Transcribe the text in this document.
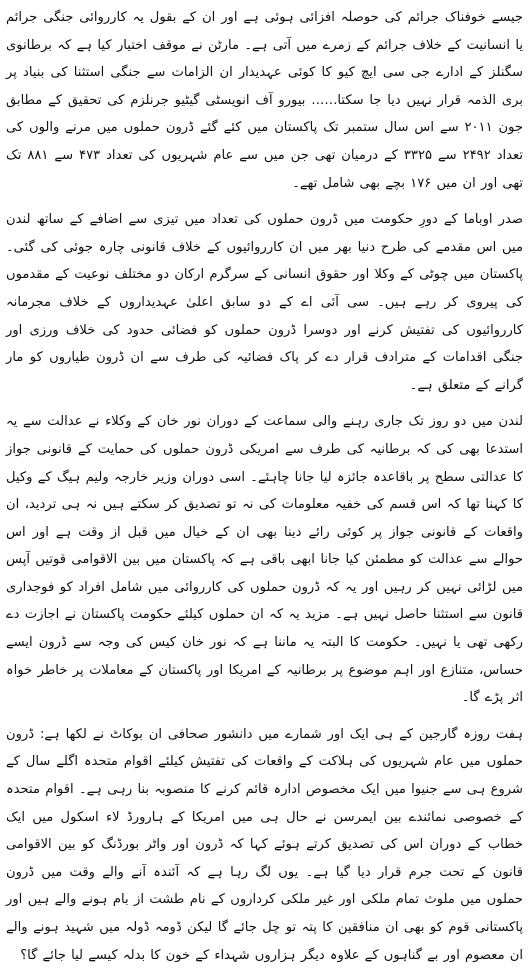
جیسے خوفناک جرائم کی حوصلہ افزائی ہوئی ہے اور ان کے بقول یہ کارروائی جنگی جرائم یا انسانیت کے خلاف جرائم کے زمرے میں آتی ہے۔ مارٹن نے موقف اختیار کیا ہے کہ برطانوی سگنلز کے ادارے جی سی ایچ کیو کا کوئی عہدیدار ان الزامات سے جنگی استثنا کی بنیاد پر بری الذمہ قرار نہیں دیا جا سکتا…… بیورو آف انویسٹی گیٹیو جرنلزم کی تحقیق کے مطابق جون ۲۰۱۱ سے اس سال ستمبر تک پاکستان میں کئے گئے ڈرون حملوں میں مرنے والوں کی تعداد ۲۴۹۲ سے ۳۳۲۵ کے درمیان تھی جن میں سے عام شہریوں کی تعداد ۴۷۳ سے ۸۸۱ تک تھی اور ان میں ۱۷۶ بچے بھی شامل تھے۔

صدر اوباما کے دورِ حکومت میں ڈرون حملوں کی تعداد میں تیزی سے اضافے کے ساتھ لندن میں اس مقدمے کی طرح دنیا بھر میں ان کارروائیوں کے خلاف قانونی چارہ جوئی کی گئی۔ پاکستان میں چوٹی کے وکلا اور حقوق انسانی کے سرگرم ارکان دو مختلف نوعیت کے مقدموں کی پیروی کر رہے ہیں۔ سی آئی اے کے دو سابق اعلیٰ عہدیداروں کے خلاف مجرمانہ کارروائیوں کی تفتیش کرنے اور دوسرا ڈرون حملوں کو فضائی حدود کی خلاف ورزی اور جنگی اقدامات کے مترادف قرار دے کر پاک فضائیہ کی طرف سے ان ڈرون طیاروں کو مار گرانے کے متعلق ہے۔

لندن میں دو روز تک جاری رہنے والی سماعت کے دوران نور خان کے وکلاء نے عدالت سے یہ استدعا بھی کی کہ برطانیہ کی طرف سے امریکی ڈرون حملوں کی حمایت کے قانونی جواز کا عدالتی سطح پر باقاعدہ جائزہ لیا جانا چاہئے۔ اسی دوران وزیر خارجہ ولیم ہیگ کے وکیل کا کہنا تھا کہ اس قسم کی خفیہ معلومات کی نہ تو تصدیق کر سکتے ہیں نہ ہی تردید، ان واقعات کے قانونی جواز پر کوئی رائے دینا بھی ان کے خیال میں قبل از وقت ہے اور اس حوالے سے عدالت کو مطمئن کیا جانا ابھی باقی ہے کہ پاکستان میں بین الاقوامی قوتیں آپس میں لڑائی نہیں کر رہیں اور یہ کہ ڈرون حملوں کی کارروائی میں شامل افراد کو فوجداری قانون سے استثنا حاصل نہیں ہے۔ مزید یہ کہ ان حملوں کیلئے حکومت پاکستان نے اجازت دے رکھی تھی یا نہیں۔ حکومت کا البتہ یہ ماننا ہے کہ نور خان کیس کی وجہ سے ڈرون ایسے حساس، متنازع اور اہم موضوع پر برطانیہ کے امریکا اور پاکستان کے معاملات پر خاطر خواہ اثر پڑے گا۔

ہفت روزہ گارجین کے ہی ایک اور شمارے میں دانشور صحافی ان بوکاٹ نے لکھا ہے: ڈرون حملوں میں عام شہریوں کی ہلاکت کے واقعات کی تفتیش کیلئے اقوام متحدہ اگلے سال کے شروع ہی سے جنیوا میں ایک مخصوص ادارہ قائم کرنے کا منصوبہ بنا رہی ہے۔ اقوام متحدہ کے خصوصی نمائندے بین ایمرسن نے حال ہی میں امریکا کے ہارورڈ لاء اسکول میں ایک خطاب کے دوران اس کی تصدیق کرتے ہوئے کہا کہ ڈرون اور واٹر بورڈنگ کو بین الاقوامی قانون کے تحت جرم قرار دیا گیا ہے۔ یوں لگ رہا ہے کہ آئندہ آنے والے وقت میں ڈرون حملوں میں ملوث تمام ملکی اور غیر ملکی کرداروں کے نام طشت از بام ہونے والے ہیں اور پاکستانی قوم کو بھی ان منافقین کا پتہ تو چل جائے گا لیکن ڈومہ ڈولہ میں شہید ہونے والے ان معصوم اور بے گناہوں کے علاوہ دیگر ہزاروں شہداء کے خون کا بدلہ کیسے لیا جائے گا؟
